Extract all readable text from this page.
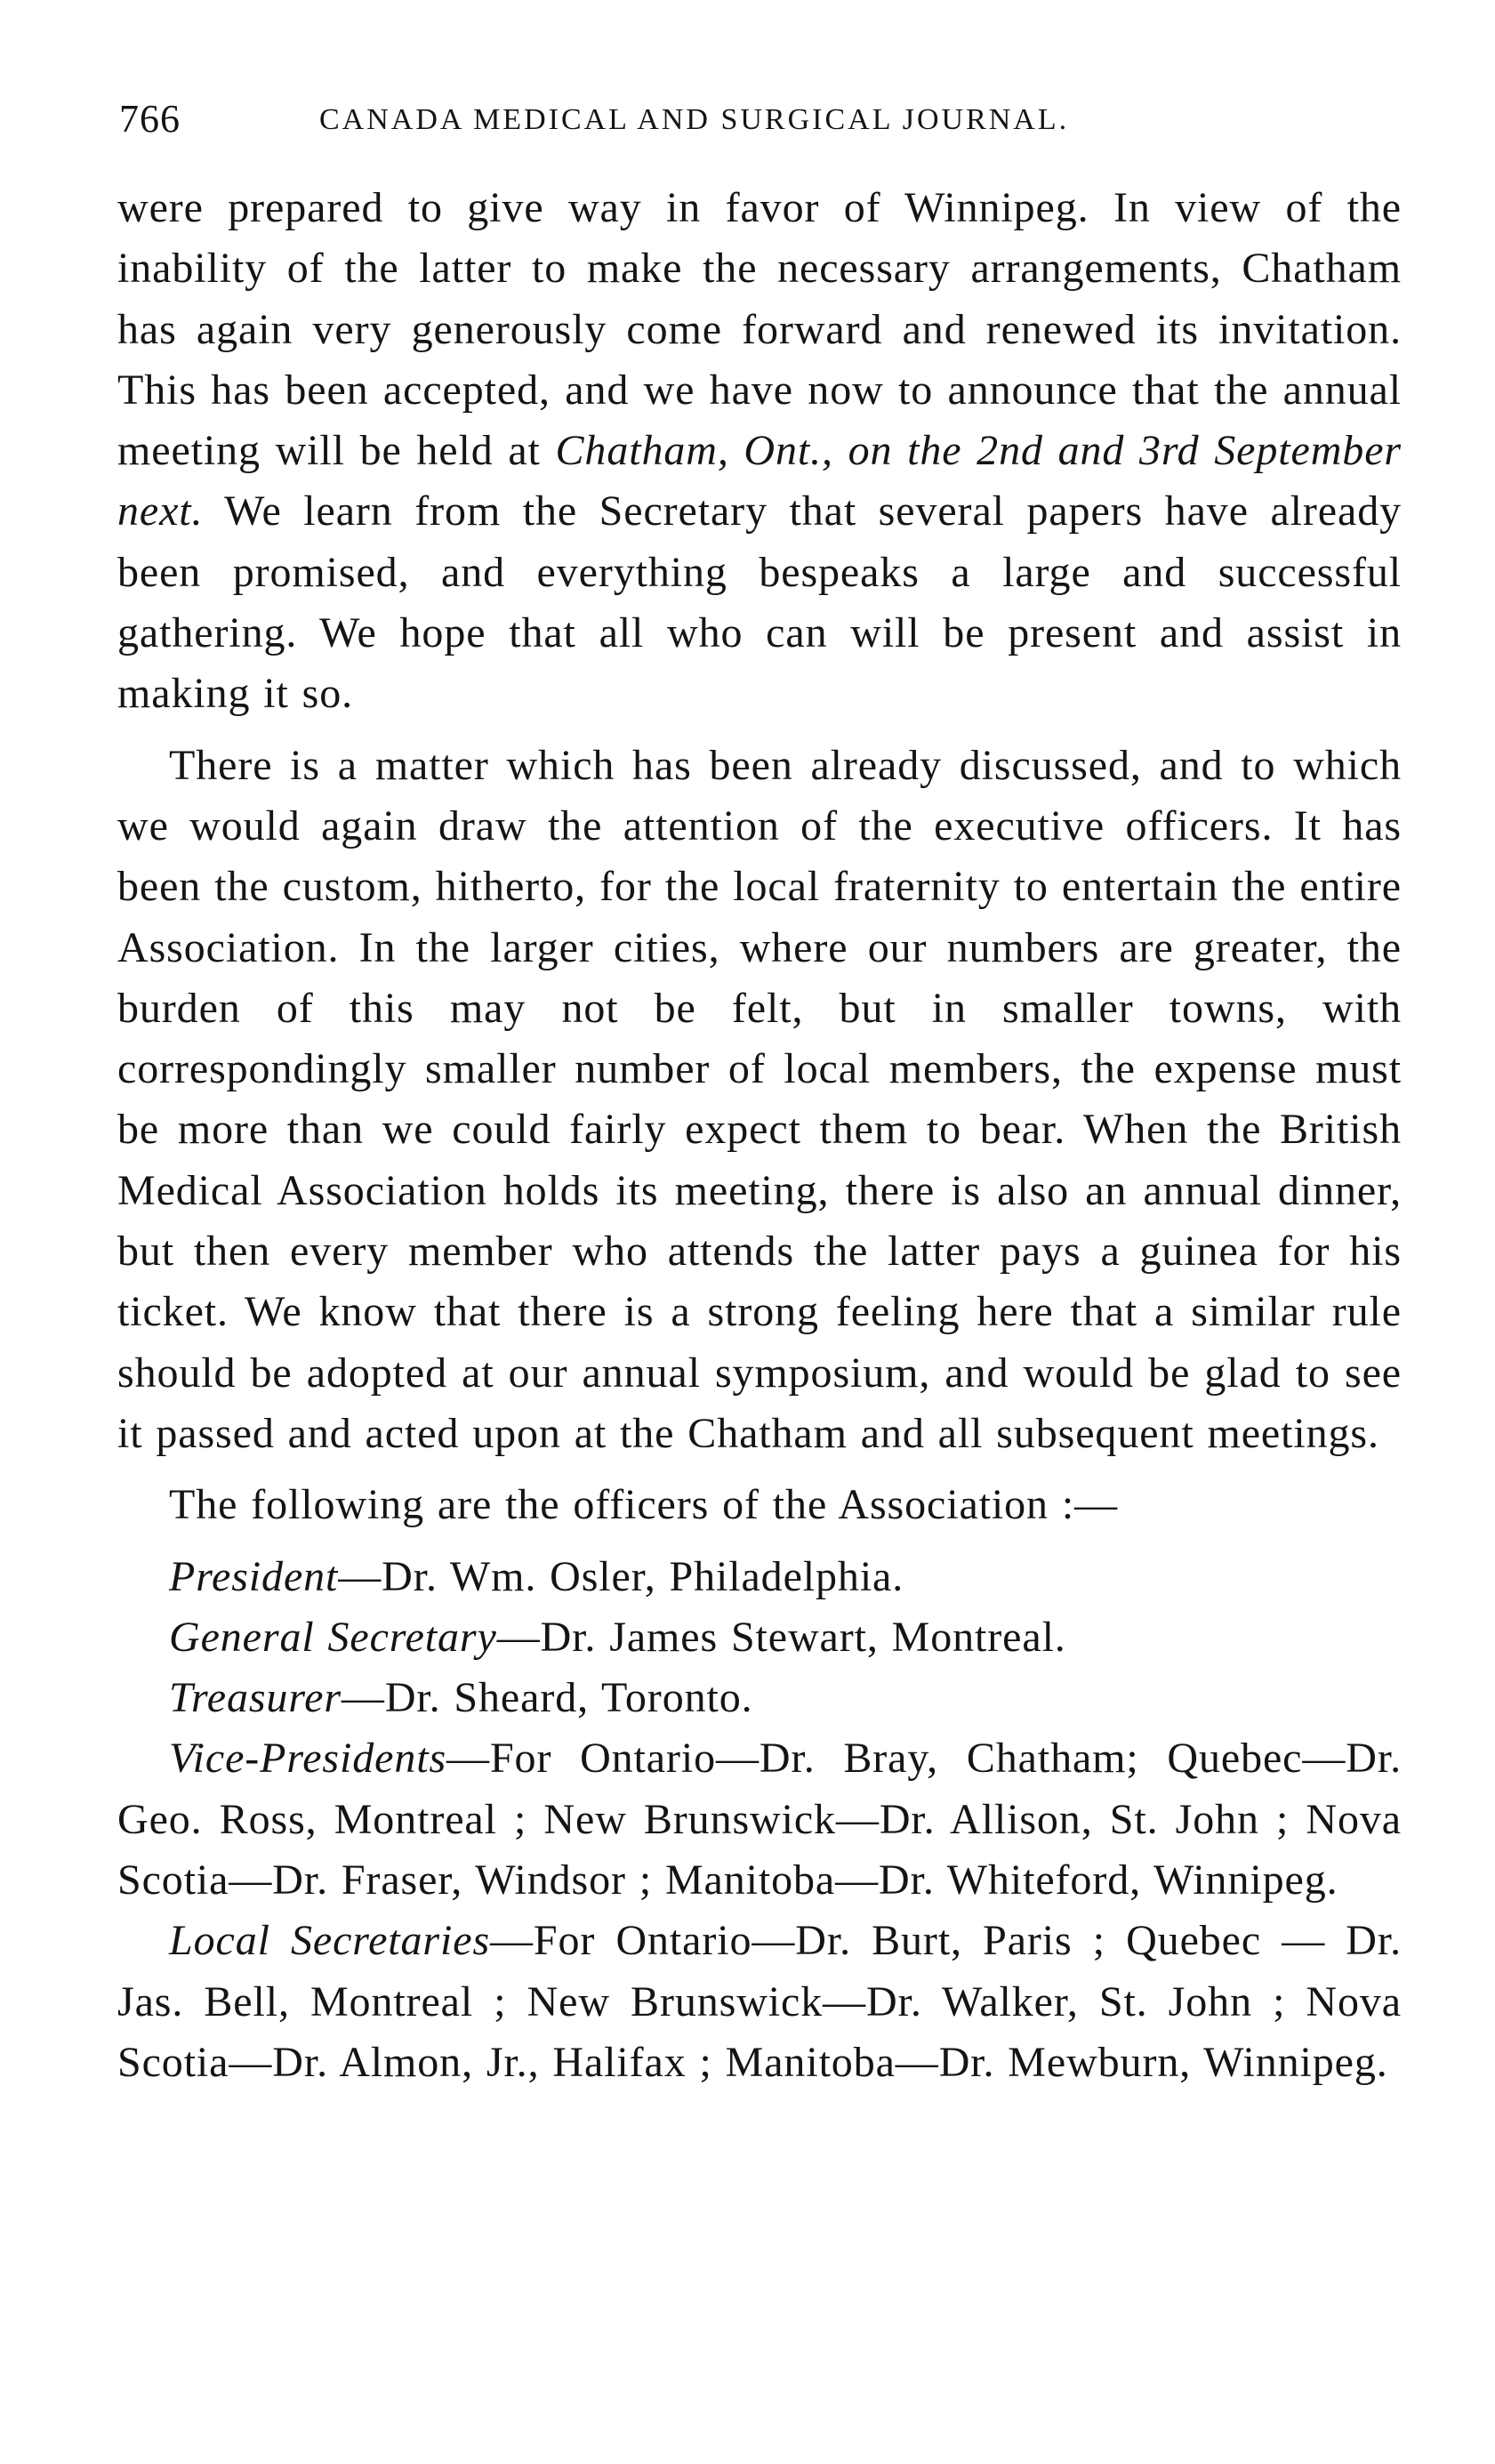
766	CANADA MEDICAL AND SURGICAL JOURNAL.

were prepared to give way in favor of Winnipeg. In view of the inability of the latter to make the necessary arrangements, Chatham has again very generously come forward and renewed its invitation. This has been accepted, and we have now to announce that the annual meeting will be held at Chatham, Ont., on the 2nd and 3rd September next. We learn from the Secretary that several papers have already been promised, and everything bespeaks a large and successful gathering. We hope that all who can will be present and assist in making it so.

There is a matter which has been already discussed, and to which we would again draw the attention of the executive officers. It has been the custom, hitherto, for the local fraternity to entertain the entire Association. In the larger cities, where our numbers are greater, the burden of this may not be felt, but in smaller towns, with correspondingly smaller number of local members, the expense must be more than we could fairly expect them to bear. When the British Medical Association holds its meeting, there is also an annual dinner, but then every member who attends the latter pays a guinea for his ticket. We know that there is a strong feeling here that a similar rule should be adopted at our annual symposium, and would be glad to see it passed and acted upon at the Chatham and all subsequent meetings.

The following are the officers of the Association :—

President—Dr. Wm. Osler, Philadelphia.

General Secretary—Dr. James Stewart, Montreal.

Treasurer—Dr. Sheard, Toronto.

Vice-Presidents—For Ontario—Dr. Bray, Chatham; Quebec—Dr. Geo. Ross, Montreal ; New Brunswick—Dr. Allison, St. John ; Nova Scotia—Dr. Fraser, Windsor ; Manitoba—Dr. Whiteford, Winnipeg.

Local Secretaries—For Ontario—Dr. Burt, Paris ; Quebec — Dr. Jas. Bell, Montreal ; New Brunswick—Dr. Walker, St. John ; Nova Scotia—Dr. Almon, Jr., Halifax ; Manitoba—Dr. Mewburn, Winnipeg.
